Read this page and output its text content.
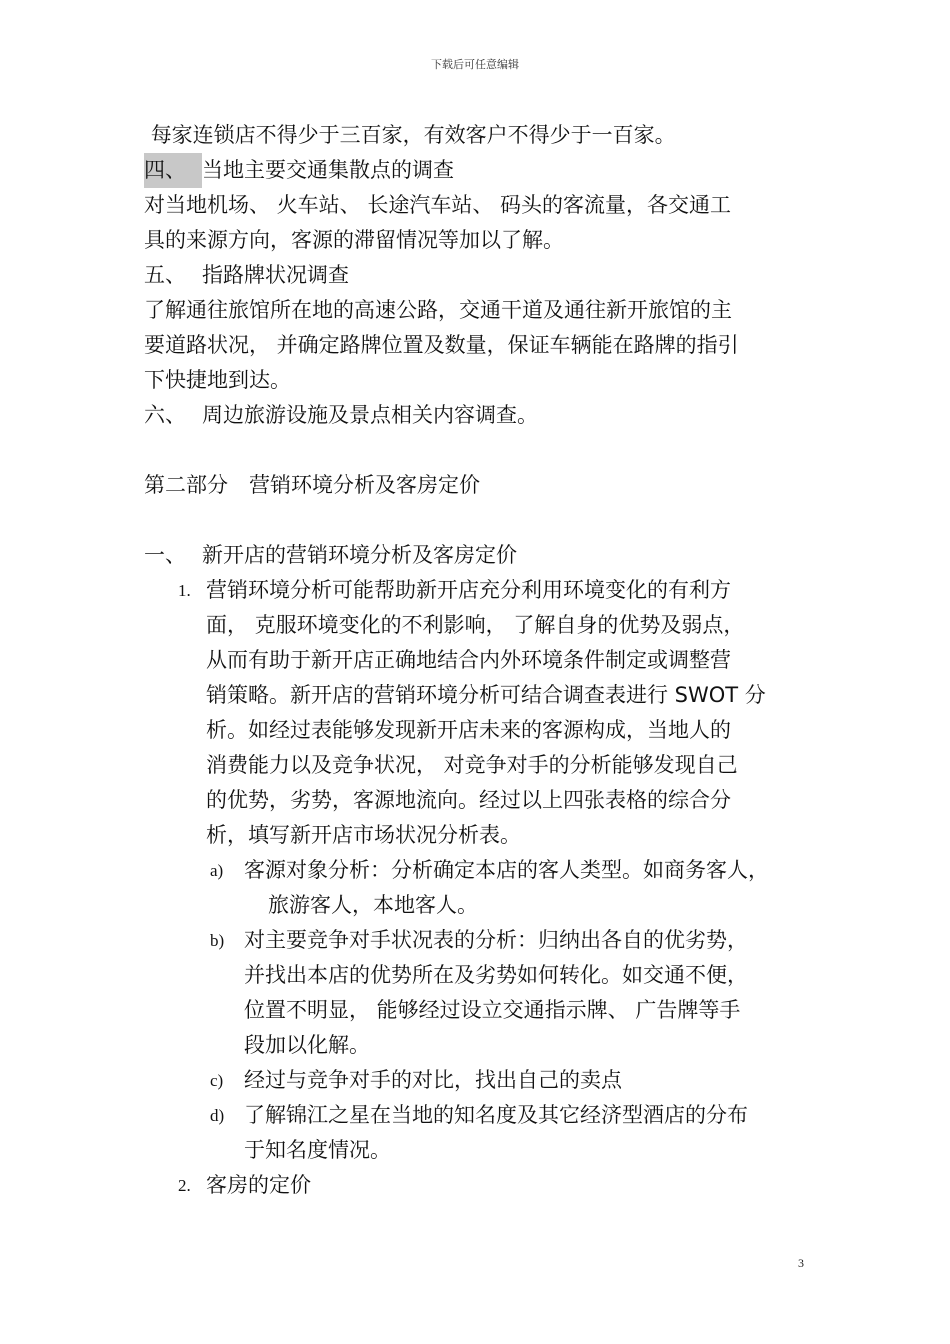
下载后可任意编辑
每家连锁店不得少于三百家，有效客户不得少于一百家。
四、 当地主要交通集散点的调查
对当地机场、 火车站、 长途汽车站、 码头的客流量，各交通工
具的来源方向，客源的滞留情况等加以了解。
五、 指路牌状况调查
了解通往旅馆所在地的高速公路，交通干道及通往新开旅馆的主
要道路状况， 并确定路牌位置及数量，保证车辆能在路牌的指引
下快捷地到达。
六、 周边旅游设施及景点相关内容调查。
第二部分　营销环境分析及客房定价
一、 新开店的营销环境分析及客房定价
1. 营销环境分析可能帮助新开店充分利用环境变化的有利方
面， 克服环境变化的不利影响， 了解自身的优势及弱点，
从而有助于新开店正确地结合内外环境条件制定或调整营
销策略。新开店的营销环境分析可结合调查表进行 SWOT 分
析。如经过表能够发现新开店未来的客源构成，当地人的
消费能力以及竞争状况， 对竞争对手的分析能够发现自己
的优势，劣势，客源地流向。经过以上四张表格的综合分
析，填写新开店市场状况分析表。
a) 客源对象分析：分析确定本店的客人类型。如商务客人，
旅游客人，本地客人。
b) 对主要竞争对手状况表的分析：归纳出各自的优劣势，
并找出本店的优势所在及劣势如何转化。如交通不便，
位置不明显， 能够经过设立交通指示牌、 广告牌等手
段加以化解。
c) 经过与竞争对手的对比，找出自己的卖点
d) 了解锦江之星在当地的知名度及其它经济型酒店的分布
于知名度情况。
2. 客房的定价
3
